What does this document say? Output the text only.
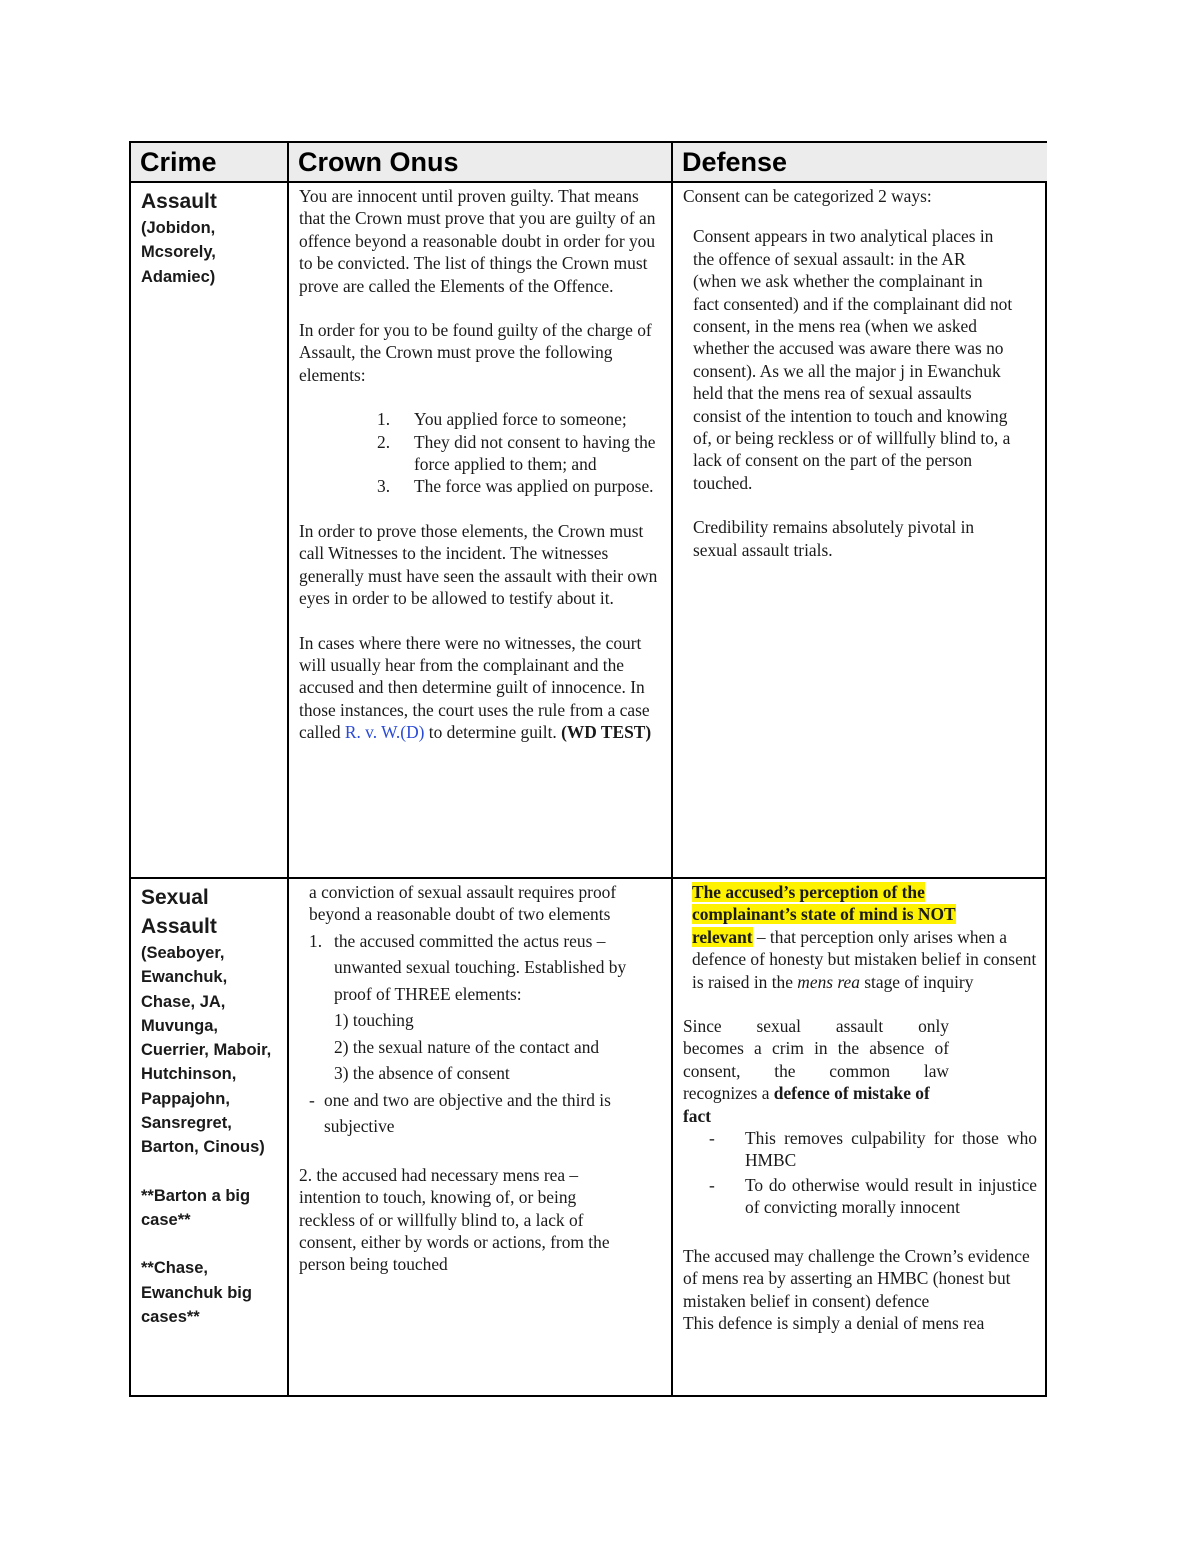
Crime	Crown Onus	Defense
Assault
(Jobidon,
Mcsorely,
Adamiec)

You are innocent until proven guilty. That means that the Crown must prove that you are guilty of an offence beyond a reasonable doubt in order for you to be convicted. The list of things the Crown must prove are called the Elements of the Offence.

In order for you to be found guilty of the charge of Assault, the Crown must prove the following elements:

1. You applied force to someone;
2. They did not consent to having the force applied to them; and
3. The force was applied on purpose.

In order to prove those elements, the Crown must call Witnesses to the incident. The witnesses generally must have seen the assault with their own eyes in order to be allowed to testify about it.

In cases where there were no witnesses, the court will usually hear from the complainant and the accused and then determine guilt of innocence. In those instances, the court uses the rule from a case called R. v. W.(D) to determine guilt. (WD TEST)

Consent can be categorized 2 ways:

Consent appears in two analytical places in the offence of sexual assault: in the AR (when we ask whether the complainant in fact consented) and if the complainant did not consent, in the mens rea (when we asked whether the accused was aware there was no consent). As we all the major j in Ewanchuk held that the mens rea of sexual assaults consist of the intention to touch and knowing of, or being reckless or of willfully blind to, a lack of consent on the part of the person touched.

Credibility remains absolutely pivotal in sexual assault trials.

Sexual
Assault
(Seaboyer,
Ewanchuk,
Chase, JA,
Muvunga,
Cuerrier, Maboir,
Hutchinson,
Pappajohn,
Sansregret,
Barton, Cinous)
**Barton a big
case**
**Chase,
Ewanchuk big
cases**

a conviction of sexual assault requires proof beyond a reasonable doubt of two elements

1. the accused committed the actus reus – unwanted sexual touching. Established by proof of THREE elements:
1) touching
2) the sexual nature of the contact and
3) the absence of consent
- one and two are objective and the third is subjective

2. the accused had necessary mens rea – intention to touch, knowing of, or being reckless of or willfully blind to, a lack of consent, either by words or actions, from the person being touched

The accused’s perception of the
complainant’s state of mind is NOT
relevant – that perception only arises when a defence of honesty but mistaken belief in consent

is raised in the mens rea stage of inquiry

Since sexual assault only
becomes a crim in the absence of
consent, the common law
recognizes a defence of mistake of fact
- This removes culpability for those who HMBC
- To do otherwise would result in injustice of convicting morally innocent

The accused may challenge the Crown’s evidence of mens rea by asserting an HMBC (honest but mistaken belief in consent) defence

This defence is simply a denial of mens rea
